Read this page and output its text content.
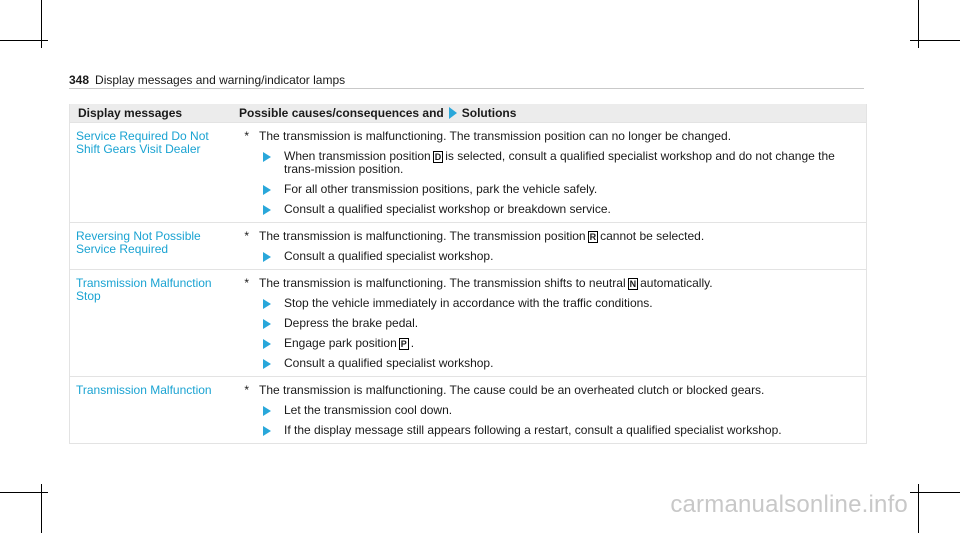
348 Display messages and warning/indicator lamps
Display messages	Possible causes/consequences and Solutions
Service Required Do Not Shift Gears Visit Dealer
* The transmission is malfunctioning. The transmission position can no longer be changed.
When transmission position D is selected, consult a qualified specialist workshop and do not change the trans-mission position.
For all other transmission positions, park the vehicle safely.
Consult a qualified specialist workshop or breakdown service.
Reversing Not Possible Service Required
* The transmission is malfunctioning. The transmission position R cannot be selected.
Consult a qualified specialist workshop.
Transmission Malfunction Stop
* The transmission is malfunctioning. The transmission shifts to neutral N automatically.
Stop the vehicle immediately in accordance with the traffic conditions.
Depress the brake pedal.
Engage park position P .
Consult a qualified specialist workshop.
Transmission Malfunction	* The transmission is malfunctioning. The cause could be an overheated clutch or blocked gears.
Let the transmission cool down.
If the display message still appears following a restart, consult a qualified specialist workshop.
carmanualsonline.info
